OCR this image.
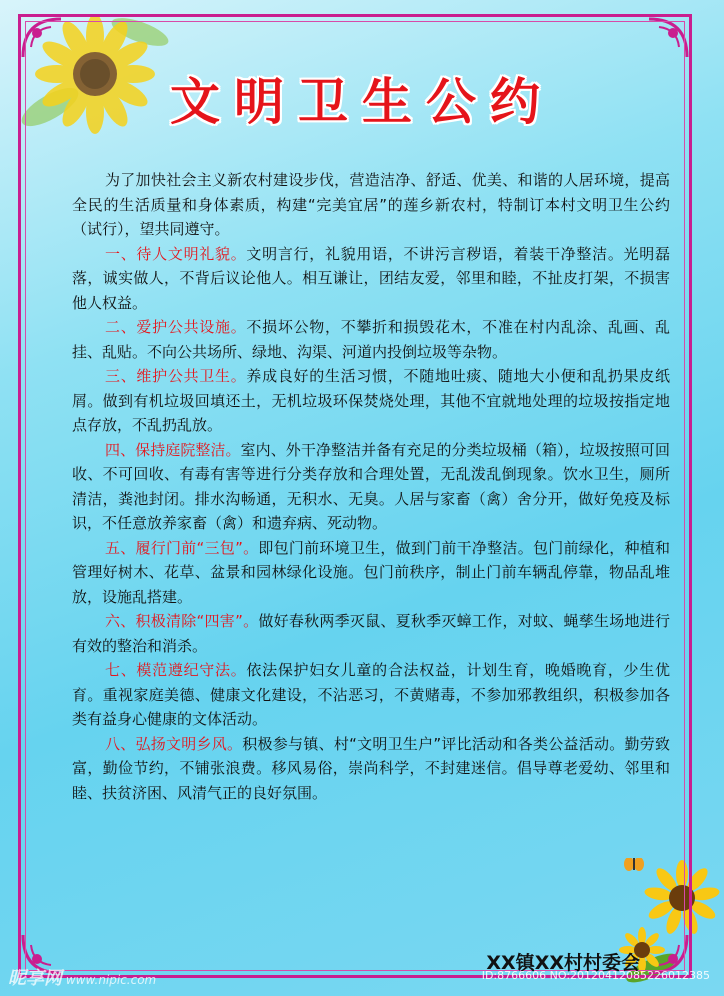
文明卫生公约

为了加快社会主义新农村建设步伐，营造洁净、舒适、优美、和谐的人居环境，提高全民的生活质量和身体素质，构建“完美宜居”的莲乡新农村，特制订本村文明卫生公约（试行），望共同遵守。

一、待人文明礼貌。文明言行，礼貌用语，不讲污言秽语，着装干净整洁。光明磊落，诚实做人，不背后议论他人。相互谦让，团结友爱，邻里和睦，不扯皮打架，不损害他人权益。

二、爱护公共设施。不损坏公物，不攀折和损毁花木，不准在村内乱涂、乱画、乱挂、乱贴。不向公共场所、绿地、沟渠、河道内投倒垃圾等杂物。

三、维护公共卫生。养成良好的生活习惯，不随地吐痰、随地大小便和乱扔果皮纸屑。做到有机垃圾回填还土，无机垃圾环保焚烧处理，其他不宜就地处理的垃圾按指定地点存放，不乱扔乱放。

四、保持庭院整洁。室内、外干净整洁并备有充足的分类垃圾桶（箱），垃圾按照可回收、不可回收、有毒有害等进行分类存放和合理处置，无乱泼乱倒现象。饮水卫生，厕所清洁，粪池封闭。排水沟畅通，无积水、无臭。人居与家畜（禽）舍分开，做好免疫及标识，不任意放养家畜（禽）和遗弃病、死动物。

五、履行门前“三包”。即包门前环境卫生，做到门前干净整洁。包门前绿化，种植和管理好树木、花草、盆景和园林绿化设施。包门前秩序，制止门前车辆乱停靠，物品乱堆放，设施乱搭建。

六、积极清除“四害”。做好春秋两季灭鼠、夏秋季灭蟑工作，对蚊、蝇孳生场地进行有效的整治和消杀。

七、模范遵纪守法。依法保护妇女儿童的合法权益，计划生育，晚婚晚育，少生优育。重视家庭美德、健康文化建设，不沾恶习，不黄赌毒，不参加邪教组织，积极参加各类有益身心健康的文体活动。

八、弘扬文明乡风。积极参与镇、村“文明卫生户”评比活动和各类公益活动。勤劳致富，勤俭节约，不铺张浪费。移风易俗，崇尚科学，不封建迷信。倡导尊老爱幼、邻里和睦、扶贫济困、风清气正的良好氛围。

XX镇XX村村委会
昵享网 www.nipic.com	ID:8766606 NO:20120412085226012385
